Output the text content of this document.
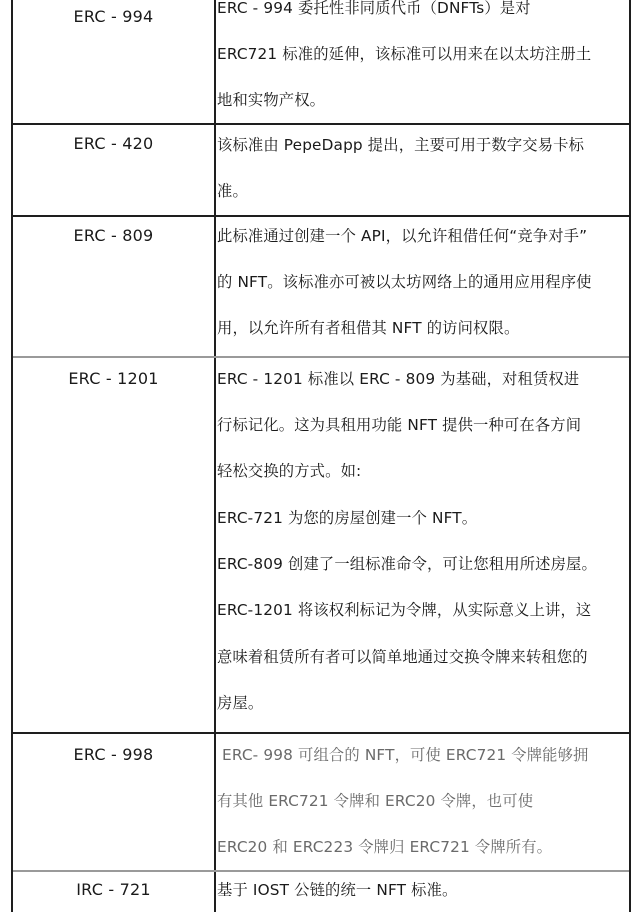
ERC - 994	ERC - 994 委托性非同质代币（DNFTs）是对
ERC721 标准的延伸，该标准可以用来在以太坊注册土
地和实物产权。
ERC - 420	该标准由 PepeDapp 提出，主要可用于数字交易卡标
准。
ERC - 809	此标准通过创建一个 API，以允许租借任何“竞争对手”
的 NFT。该标准亦可被以太坊网络上的通用应用程序使
用，以允许所有者租借其 NFT 的访问权限。
ERC - 1201	ERC - 1201 标准以 ERC - 809 为基础，对租赁权进
行标记化。这为具租用功能 NFT 提供一种可在各方间
轻松交换的方式。如:
ERC-721 为您的房屋创建一个 NFT。
ERC-809 创建了一组标准命令，可让您租用所述房屋。
ERC-1201 将该权利标记为令牌，从实际意义上讲，这
意味着租赁所有者可以简单地通过交换令牌来转租您的
房屋。
ERC - 998	ERC- 998 可组合的 NFT，可使 ERC721 令牌能够拥
有其他 ERC721 令牌和 ERC20 令牌，也可使
ERC20 和 ERC223 令牌归 ERC721 令牌所有。
IRC - 721	基于 IOST 公链的统一 NFT 标准。
